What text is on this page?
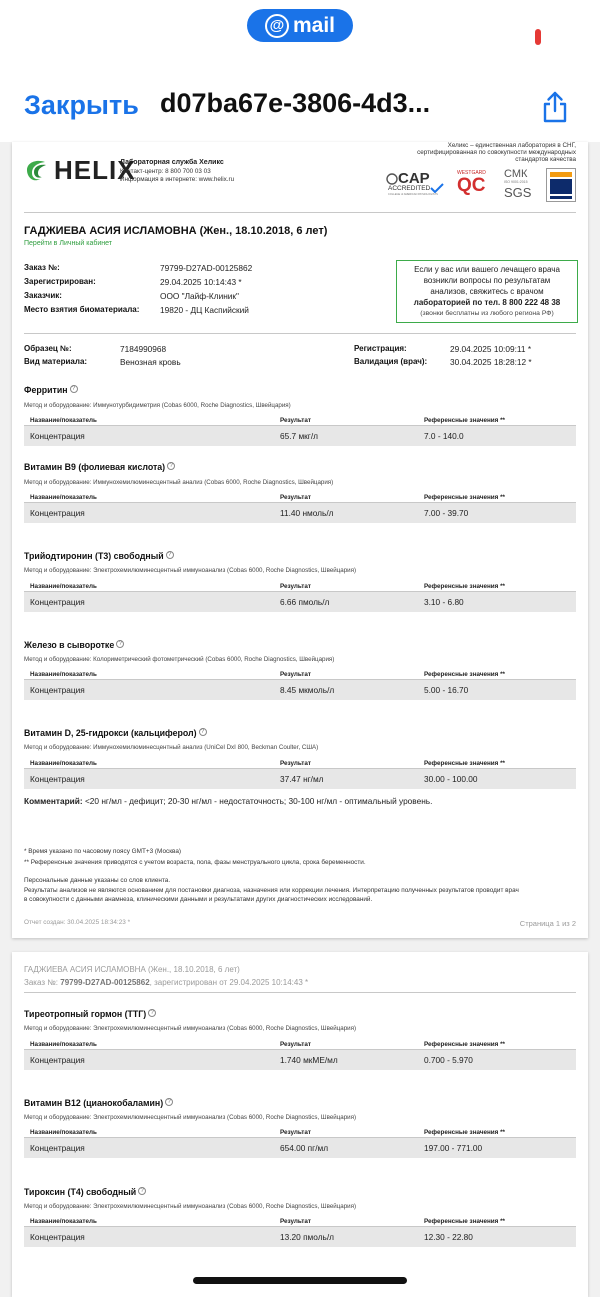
@ mail
Закрыть d07ba67e-3806-4d3...
HELIX
Лабораторная служба Хеликс
Контакт-центр: 8 800 700 03 03
Информация в интернете: www.helix.ru
Хеликс – единственная лаборатория в СНГ,
сертифицированная по совокупности международных
стандартов качества
CAP
ACCREDITED
COLLEGE of AMERICAN PATHOLOGISTS
WESTGARD
QC
СМК
ISO 9001:2015
SGS
ГАДЖИЕВА АСИЯ ИСЛАМОВНА (Жен., 18.10.2018, 6 лет)
Перейти в Личный кабинет
Заказ №:	79799-D27AD-00125862
Зарегистрирован:	29.04.2025 10:14:43 *
Заказчик:	ООО "Лайф-Клиник"
Место взятия биоматериала: 19820 - ДЦ Каспийский
Если у вас или вашего лечащего врача
возникли вопросы по результатам
анализов, свяжитесь с врачом
лабораторией по тел. 8 800 222 48 38
(звонки бесплатны из любого региона РФ)
Образец №:	7184990968
Вид материала:	Венозная кровь
Регистрация:	29.04.2025 10:09:11 *
Валидация (врач):	30.04.2025 18:28:12 *
Ферритин ?
Метод и оборудование: Иммунотурбидиметрия (Cobas 6000, Roche Diagnostics, Швейцария)
Название/показатель	Результат	Референсные значения **
Концентрация	65.7 мкг/л	7.0 - 140.0
Витамин В9 (фолиевая кислота) ?
Метод и оборудование: Иммунохемилюминесцентный анализ (Cobas 6000, Roche Diagnostics, Швейцария)
Название/показатель	Результат	Референсные значения **
Концентрация	11.40 нмоль/л	7.00 - 39.70
Трийодтиронин (Т3) свободный ?
Метод и оборудование: Электрохемилюминесцентный иммуноанализ (Cobas 6000, Roche Diagnostics, Швейцария)
Название/показатель	Результат	Референсные значения **
Концентрация	6.66 пмоль/л	3.10 - 6.80
Железо в сыворотке ?
Метод и оборудование: Колориметрический фотометрический (Cobas 6000, Roche Diagnostics, Швейцария)
Название/показатель	Результат	Референсные значения **
Концентрация	8.45 мкмоль/л	5.00 - 16.70
Витамин D, 25-гидрокси (кальциферол) ?
Метод и оборудование: Иммунохемилюминесцентный анализ (UniCel DxI 800, Beckman Coulter, США)
Название/показатель	Результат	Референсные значения **
Концентрация	37.47 нг/мл	30.00 - 100.00
Комментарий: <20 нг/мл - дефицит; 20-30 нг/мл - недостаточность; 30-100 нг/мл - оптимальный уровень.
* Время указано по часовому поясу GMT+3 (Москва)
** Референсные значения приводятся с учетом возраста, пола, фазы менструального цикла, срока беременности.
Персональные данные указаны со слов клиента.
Результаты анализов не являются основанием для постановки диагноза, назначения или коррекции лечения. Интерпретацию полученных результатов проводит врач
в совокупности с данными анамнеза, клиническими данными и результатами других диагностических исследований.
Отчет создан: 30.04.2025 18:34:23 *	Страница 1 из 2
ГАДЖИЕВА АСИЯ ИСЛАМОВНА (Жен., 18.10.2018, 6 лет)
Заказ №: 79799-D27AD-00125862, зарегистрирован от 29.04.2025 10:14:43 *
Тиреотропный гормон (ТТГ) ?
Метод и оборудование: Электрохемилюминесцентный иммуноанализ (Cobas 6000, Roche Diagnostics, Швейцария)
Название/показатель	Результат	Референсные значения **
Концентрация	1.740 мкМЕ/мл	0.700 - 5.970
Витамин В12 (цианокобаламин) ?
Метод и оборудование: Электрохемилюминесцентный иммуноанализ (Cobas 6000, Roche Diagnostics, Швейцария)
Название/показатель	Результат	Референсные значения **
Концентрация	654.00 пг/мл	197.00 - 771.00
Тироксин (Т4) свободный ?
Метод и оборудование: Электрохемилюминесцентный иммуноанализ (Cobas 6000, Roche Diagnostics, Швейцария)
Название/показатель	Результат	Референсные значения **
Концентрация	13.20 пмоль/л	12.30 - 22.80
